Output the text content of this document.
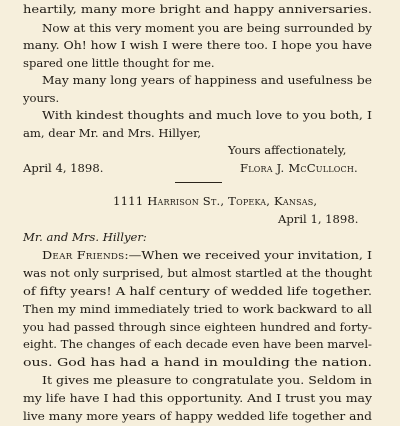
heartily, many more bright and happy anniversaries.
Now at this very moment you are being surrounded by
many. Oh! how I wish I were there too. I hope you have
spared one little thought for me.
May many long years of happiness and usefulness be
yours.
With kindest thoughts and much love to you both, I
am, dear Mr. and Mrs. Hillyer,
Yours affectionately,
April 4, 1898.	Flora J. McCulloch.
1111 Harrison St., Topeka, Kansas,
April 1, 1898.
Mr. and Mrs. Hillyer:
Dear Friends:—When we received your invitation, I
was not only surprised, but almost startled at the thought
of fifty years! A half century of wedded life together.
Then my mind immediately tried to work backward to all
you had passed through since eighteen hundred and forty-
eight. The changes of each decade even have been marvel-
ous. God has had a hand in moulding the nation.
It gives me pleasure to congratulate you. Seldom in
my life have I had this opportunity. And I trust you may
live many more years of happy wedded life together and
